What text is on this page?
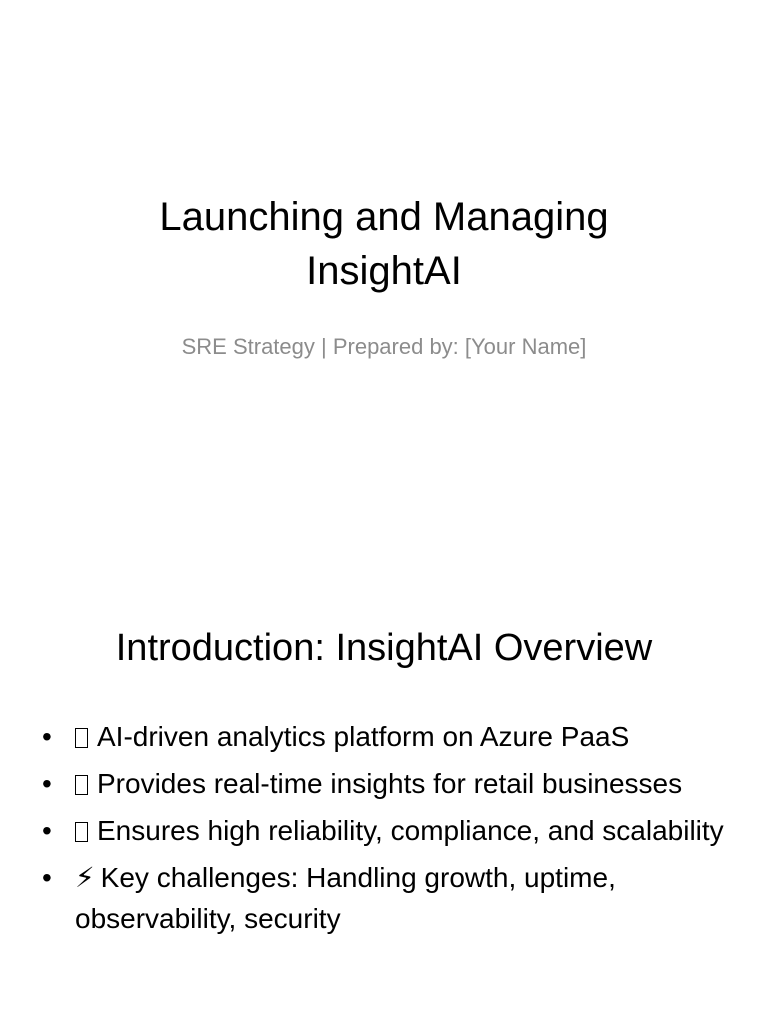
Launching and Managing
InsightAI
SRE Strategy | Prepared by: [Your Name]
Introduction: InsightAI Overview
• AI-driven analytics platform on Azure PaaS
• Provides real-time insights for retail businesses
• Ensures high reliability, compliance, and scalability
• ⚡ Key challenges: Handling growth, uptime, observability, security
